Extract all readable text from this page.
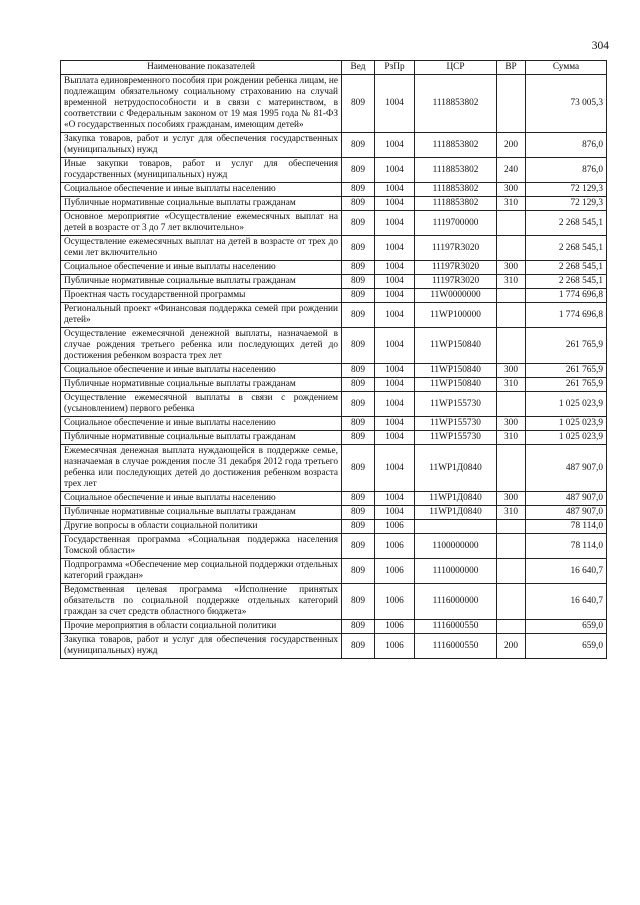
304
Наименование показателей	Вед	РзПр	ЦСР	ВР	Сумма
Выплата единовременного пособия при рождении ребенка лицам, не подлежащим обязательному социальному страхованию на случай временной нетрудоспособности и в связи с материнством, в соответствии с Федеральным законом от 19 мая 1995 года № 81-ФЗ «О государственных пособиях гражданам, имеющим детей»	809	1004	1118853802		73 005,3
Закупка товаров, работ и услуг для обеспечения государственных (муниципальных) нужд	809	1004	1118853802	200	876,0
Иные закупки товаров, работ и услуг для обеспечения государственных (муниципальных) нужд	809	1004	1118853802	240	876,0
Социальное обеспечение и иные выплаты населению	809	1004	1118853802	300	72 129,3
Публичные нормативные социальные выплаты гражданам	809	1004	1118853802	310	72 129,3
Основное мероприятие «Осуществление ежемесячных выплат на детей в возрасте от 3 до 7 лет включительно»	809	1004	1119700000		2 268 545,1
Осуществление ежемесячных выплат на детей в возрасте от трех до семи лет включительно	809	1004	11197R3020		2 268 545,1
Социальное обеспечение и иные выплаты населению	809	1004	11197R3020	300	2 268 545,1
Публичные нормативные социальные выплаты гражданам	809	1004	11197R3020	310	2 268 545,1
Проектная часть государственной программы	809	1004	11W0000000		1 774 696,8
Региональный проект «Финансовая поддержка семей при рождении детей»	809	1004	11WP100000		1 774 696,8
Осуществление ежемесячной денежной выплаты, назначаемой в случае рождения третьего ребенка или последующих детей до достижения ребенком возраста трех лет	809	1004	11WP150840		261 765,9
Социальное обеспечение и иные выплаты населению	809	1004	11WP150840	300	261 765,9
Публичные нормативные социальные выплаты гражданам	809	1004	11WP150840	310	261 765,9
Осуществление ежемесячной выплаты в связи с рождением (усыновлением) первого ребенка	809	1004	11WP155730		1 025 023,9
Социальное обеспечение и иные выплаты населению	809	1004	11WP155730	300	1 025 023,9
Публичные нормативные социальные выплаты гражданам	809	1004	11WP155730	310	1 025 023,9
Ежемесячная денежная выплата нуждающейся в поддержке семье, назначаемая в случае рождения после 31 декабря 2012 года третьего ребенка или последующих детей до достижения ребенком возраста трех лет	809	1004	11WP1Д0840		487 907,0
Социальное обеспечение и иные выплаты населению	809	1004	11WP1Д0840	300	487 907,0
Публичные нормативные социальные выплаты гражданам	809	1004	11WP1Д0840	310	487 907,0
Другие вопросы в области социальной политики	809	1006			78 114,0
Государственная программа «Социальная поддержка населения Томской области»	809	1006	1100000000		78 114,0
Подпрограмма «Обеспечение мер социальной поддержки отдельных категорий граждан»	809	1006	1110000000		16 640,7
Ведомственная целевая программа «Исполнение принятых обязательств по социальной поддержке отдельных категорий граждан за счет средств областного бюджета»	809	1006	1116000000		16 640,7
Прочие мероприятия в области социальной политики	809	1006	1116000550		659,0
Закупка товаров, работ и услуг для обеспечения государственных (муниципальных) нужд	809	1006	1116000550	200	659,0
